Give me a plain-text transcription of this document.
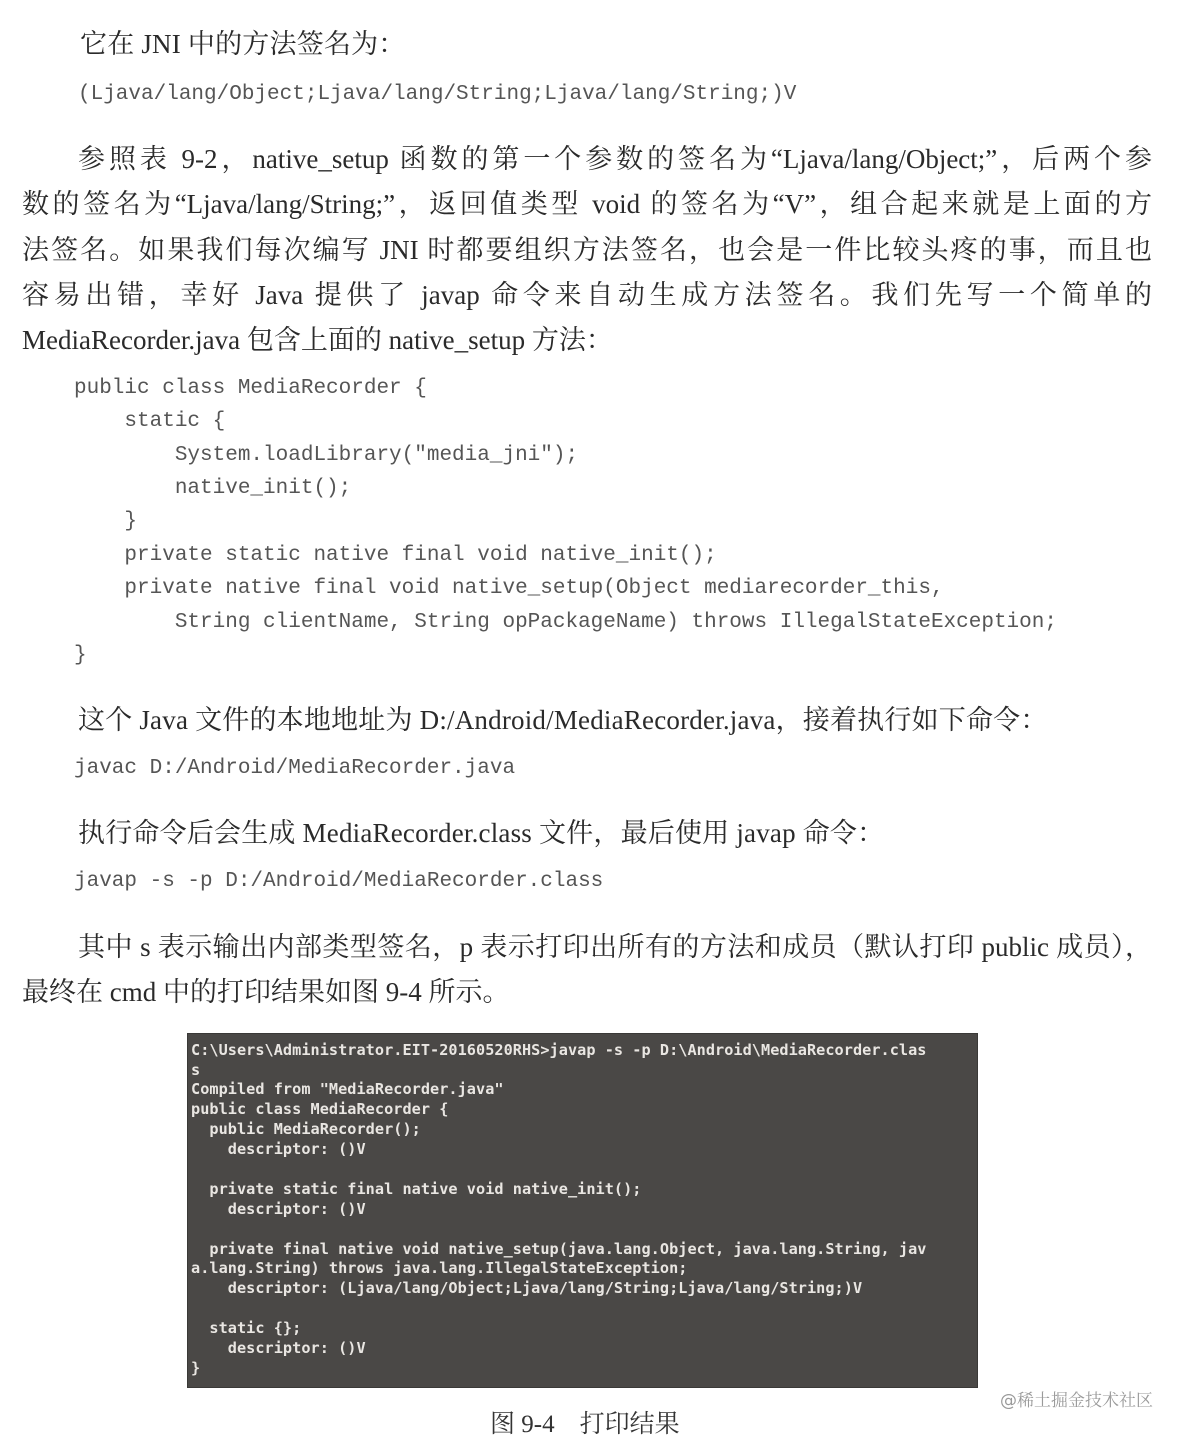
它在 JNI 中的方法签名为：
(Ljava/lang/Object;Ljava/lang/String;Ljava/lang/String;)V
参照表 9-2，native_setup 函数的第一个参数的签名为“Ljava/lang/Object;”，后两个参
数的签名为“Ljava/lang/String;”，返回值类型 void 的签名为“V”，组合起来就是上面的方
法签名。如果我们每次编写 JNI 时都要组织方法签名，也会是一件比较头疼的事，而且也
容易出错，幸好 Java 提供了 javap 命令来自动生成方法签名。我们先写一个简单的
MediaRecorder.java 包含上面的 native_setup 方法：
public class MediaRecorder {
static {
System.loadLibrary("media_jni");
native_init();
}
private static native final void native_init();
private native final void native_setup(Object mediarecorder_this,
String clientName, String opPackageName) throws IllegalStateException;
}
这个 Java 文件的本地地址为 D:/Android/MediaRecorder.java，接着执行如下命令：
javac D:/Android/MediaRecorder.java
执行命令后会生成 MediaRecorder.class 文件，最后使用 javap 命令：
javap -s -p D:/Android/MediaRecorder.class
其中 s 表示输出内部类型签名，p 表示打印出所有的方法和成员（默认打印 public 成员），
最终在 cmd 中的打印结果如图 9-4 所示。
C:\Users\Administrator.EIT-20160520RHS>javap -s -p D:\Android\MediaRecorder.clas
s
Compiled from "MediaRecorder.java"
public class MediaRecorder {
public MediaRecorder();
descriptor: ()V
private static final native void native_init();
descriptor: ()V
private final native void native_setup(java.lang.Object, java.lang.String, jav
a.lang.String) throws java.lang.IllegalStateException;
descriptor: (Ljava/lang/Object;Ljava/lang/String;Ljava/lang/String;)V
static {};
descriptor: ()V
}
@稀土掘金技术社区
图 9-4    打印结果
